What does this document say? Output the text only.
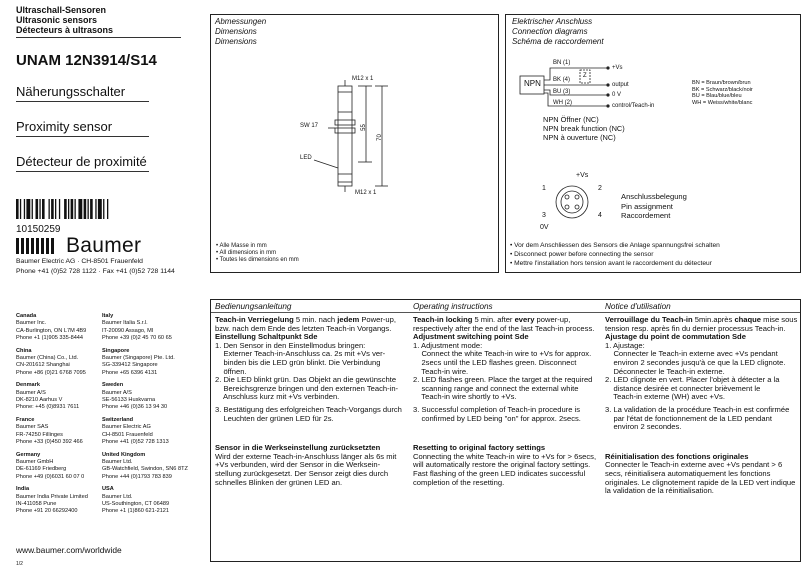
Ultraschall-Sensoren
Ultrasonic sensors
Détecteurs à ultrasons
UNAM 12N3914/S14
Näherungsschalter
Proximity sensor
Détecteur de proximité
10150259
Baumer
Baumer Electric AG · CH-8501 Frauenfeld
Phone +41 (0)52 728 1122 · Fax +41 (0)52 728 1144
Abmessungen
Dimensions
Dimensions
M12 x 1
SW 17	55
70
LED
M12 x 1
• Alle Masse in mm
• All dimensions in mm
• Toutes les dimensions en mm
Elektrischer Anschluss
Connection diagrams
Schéma de raccordement
NPN
BN (1)
BK (4)
BU (3)
WH (2)
Z
+Vs
output
0 V
control/Teach-in
BN = Braun/brown/brun
BK = Schwarz/black/noir
BU = Blau/blue/bleu
WH = Weiss/white/blanc
NPN Öffner (NC)
NPN break function (NC)
NPN à ouverture (NC)
+Vs
1	2
3	4
0V
Anschlussbelegung
Pin assignment
Raccordement
• Vor dem Anschliessen des Sensors die Anlage spannungsfrei schalten
• Disconnect power before connecting the sensor
• Mettre l'installation hors tension avant le raccordement du détecteur
Canada
Baumer Inc.
CA-Burlington, ON L7M 4B9
Phone +1 (1)905 335-8444
Italy
Baumer Italia S.r.l.
IT-20090 Assago, MI
Phone +39 (0)2 45 70 60 65
China
Baumer (China) Co., Ltd.
CN-201612 Shanghai
Phone +86 (0)21 6768 7095
Singapore
Baumer (Singapore) Pte. Ltd.
SG-339412 Singapore
Phone +65 6396 4131
Denmark
Baumer A/S
DK-8210 Aarhus V
Phone: +45 (0)8931 7611
Sweden
Baumer A/S
SE-56133 Huskvarna
Phone +46 (0)36 13 94 30
France
Baumer SAS
FR-74250 Fillinges
Phone +33 (0)450 392 466
Switzerland
Baumer Electric AG
CH-8501 Frauenfeld
Phone +41 (0)52 728 1313
Germany
Baumer GmbH
DE-61169 Friedberg
Phone +49 (0)6031 60 07 0
United Kingdom
Baumer Ltd.
GB-Watchfield, Swindon, SN6 8TZ
Phone +44 (0)1793 783 839
India
Baumer India Private Limited
IN-411058 Pune
Phone +91 20 66292400
USA
Baumer Ltd.
US-Southington, CT 06489
Phone +1 (1)860 621-2121
www.baumer.com/worldwide
1/2
Bedienungsanleitung
Teach-in Verriegelung 5 min. nach jedem Power-up, bzw. nach dem Ende des letzten Teach-in Vorgangs.
Einstellung Schaltpunkt Sde
1. Den Sensor in den Einstellmodus bringen:
Externer Teach-in-Anschluss ca. 2s mit +Vs ver-
binden bis die LED grün blinkt. Die Verbindung
öffnen.
2. Die LED blinkt grün. Das Objekt an die gewünschte
Bereichsgrenze bringen und den externen Teach-in-
Anschluss kurz mit +Vs verbinden.
3. Bestätigung des erfolgreichen Teach-Vorgangs durch
Leuchten der grünen LED für 2s.
Sensor in die Werkseinstellung zurücksetzten
Wird der externe Teach-in-Anschluss länger als 6s mit +Vs verbunden, wird der Sensor in die Werksein-stellung zurückgesetzt. Der Sensor zeigt dies durch schnelles Blinken der grünen LED an.
Operating instructions
Teach-in locking 5 min. after every power-up, respectively after the end of the last Teach-in process.
Adjustment switching point Sde
1. Adjustment mode:
Connect the white Teach-in wire to +Vs for approx.
2secs until the LED flashes green. Disconnect
Teach-in wire.
2. LED flashes green. Place the target at the required
scanning range and connect the external white
Teach-in wire shortly to +Vs.
3. Successful completion of Teach-in procedure is
confirmed by LED being "on" for approx. 2secs.
Resetting to original factory settings
Connecting the white Teach-in wire to +Vs for > 6secs, will automatically restore the original factory settings. Fast flashing of the green LED indicates successful completion of the resetting.
Notice d'utilisation
Verrouillage du Teach-in 5min.après chaque mise sous tension resp. après fin du dernier processus Teach-in.
Ajustage du point de commutation Sde
1. Ajustage:
Connecter le Teach-in externe avec +Vs pendant
environ 2 secondes jusqu'à ce que la LED clignote.
Déconnecter le Teach-in externe.
2. LED clignote en vert. Placer l'objet à détecter a la
distance desirée et connecter brièvement le
Teach-in externe (WH) avec +Vs.
3. La validation de la procédure Teach-in est confirmée
par l'état de fonctionnement de la LED pendant
environ 2 secondes.
Réinitialisation des fonctions originales
Connecter le Teach-in externe avec +Vs pendant > 6 secs, réinitialisera automatiquement les fonctions originales. Le clignotement rapide de la LED vert indique la validation de la réinitialisation.
